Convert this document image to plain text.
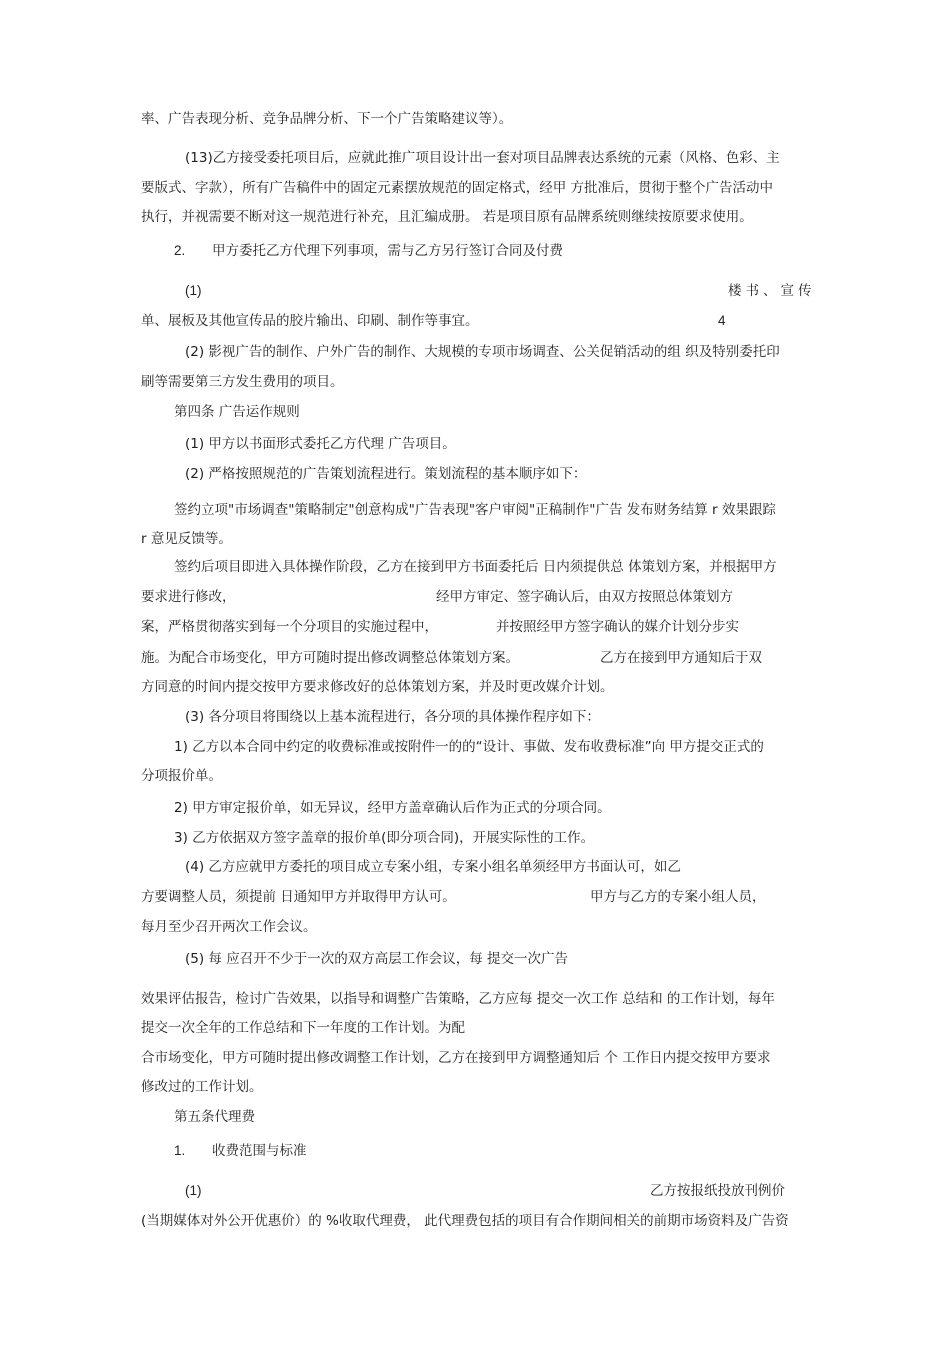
率、广告表现分析、竞争品牌分析、下一个广告策略建议等）。
(13)乙方接受委托项目后，应就此推广项目设计出一套对项目品牌表达系统的元素（风格、色彩、主
要版式、字款），所有广告稿件中的固定元素摆放规范的固定格式，经甲 方批准后，贯彻于整个广告活动中
执行，并视需要不断对这一规范进行补充，且汇编成册。 若是项目原有品牌系统则继续按原要求使用。
2. 甲方委托乙方代理下列事项，需与乙方另行签订合同及付费
(1)	楼书、宣传
单、展板及其他宣传品的胶片输出、印刷、制作等事宜。	4
(2) 影视广告的制作、户外广告的制作、大规模的专项市场调查、公关促销活动的组 织及特别委托印
刷等需要第三方发生费用的项目。
第四条 广告运作规则
(1) 甲方以书面形式委托乙方代理 广告项目。
(2) 严格按照规范的广告策划流程进行。策划流程的基本顺序如下：
签约立项"市场调查"策略制定"创意构成"广告表现"客户审阅"正稿制作"广告 发布财务结算 r 效果跟踪
r 意见反馈等。
签约后项目即进入具体操作阶段，乙方在接到甲方书面委托后 日内须提供总 体策划方案，并根据甲方
要求进行修改，	经甲方审定、签字确认后，由双方按照总体策划方
案，严格贯彻落实到每一个分项目的实施过程中，	并按照经甲方签字确认的媒介计划分步实
施。为配合市场变化，甲方可随时提出修改调整总体策划方案。	乙方在接到甲方通知后于双
方同意的时间内提交按甲方要求修改好的总体策划方案，并及时更改媒介计划。
(3) 各分项目将围绕以上基本流程进行，各分项的具体操作程序如下：
1) 乙方以本合同中约定的收费标准或按附件一的的“设计、事做、发布收费标准”向 甲方提交正式的
分项报价单。
2) 甲方审定报价单，如无异议，经甲方盖章确认后作为正式的分项合同。
3) 乙方依据双方签字盖章的报价单(即分项合同)，开展实际性的工作。
(4) 乙方应就甲方委托的项目成立专案小组，专案小组名单须经甲方书面认可，如乙
方要调整人员，须提前 日通知甲方并取得甲方认可。	甲方与乙方的专案小组人员，
每月至少召开两次工作会议。
(5) 每 应召开不少于一次的双方高层工作会议，每 提交一次广告
效果评估报告，检讨广告效果，以指导和调整广告策略，乙方应每 提交一次工作 总结和 的工作计划，每年
提交一次全年的工作总结和下一年度的工作计划。为配
合市场变化，甲方可随时提出修改调整工作计划，乙方在接到甲方调整通知后 个 工作日内提交按甲方要求
修改过的工作计划。
第五条代理费
1. 收费范围与标准
(1)	乙方按报纸投放刊例价
(当期媒体对外公开优惠价）的 %收取代理费， 此代理费包括的项目有合作期间相关的前期市场资料及广告资
